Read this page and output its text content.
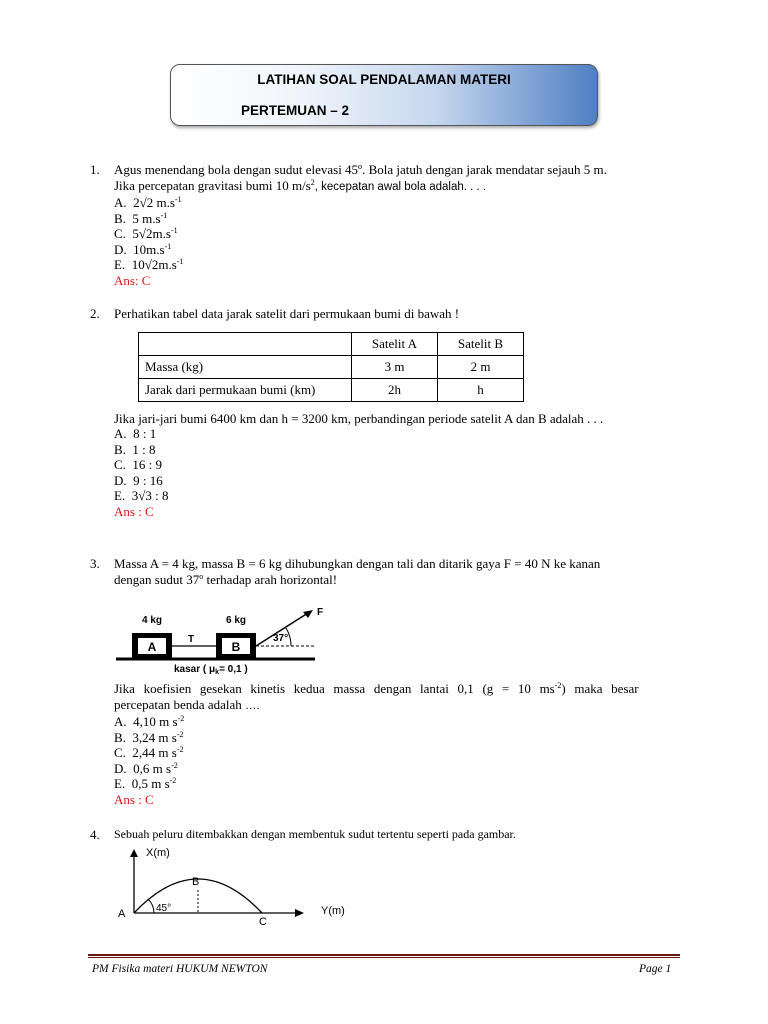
LATIHAN SOAL PENDALAMAN MATERI
PERTEMUAN – 2
1. Agus menendang bola dengan sudut elevasi 45º. Bola jatuh dengan jarak mendatar sejauh 5 m.
Jika percepatan gravitasi bumi 10 $m/s^2$, kecepatan awal bola adalah. . . .
A. 2√2 $m.s^{-1}$
B. 5 $m.s^{-1}$
C. $5√2m.s^{-1}$
D. $10m.s^{-1}$
E. $10√2m.s^{-1}$
Ans: C
2. Perhatikan tabel data jarak satelit dari permukaan bumi di bawah !
	Satelit A	Satelit B
Massa (kg)	3 m	2 m
Jarak dari permukaan bumi (km)	2h	h
Jika jari-jari bumi 6400 km dan h = 3200 km, perbandingan periode satelit A dan B adalah . . .
A. 8 : 1
B. 1 : 8
C. 16 : 9
D. 9 : 16
E. 3√3 : 8
Ans : C
3. Massa A = 4 kg, massa B = 6 kg dihubungkan dengan tali dan ditarik gaya F = 40 N ke kanan
dengan sudut 37$^o$ terhadap arah horizontal!
A	B
T
4 kg	6 kg
F
37°
kasar ( $\mu_k= 0,1$ )
Jika koefisien gesekan kinetis kedua massa dengan lantai 0,1 (g = 10 $ms^{-2}$) maka besar
percepatan benda adalah ….
A. 4,10 m $s^{-2}$
B. 3,24 m $s^{-2}$
C. 2,44 m $s^{-2}$
D. 0,6 m $s^{-2}$
E. 0,5 m $s^{-2}$
Ans : C
4. Sebuah peluru ditembakkan dengan membentuk sudut tertentu seperti pada gambar.
X(m)
Y(m)
45°
A
B
C
PM Fisika materi HUKUM NEWTON	Page 1
